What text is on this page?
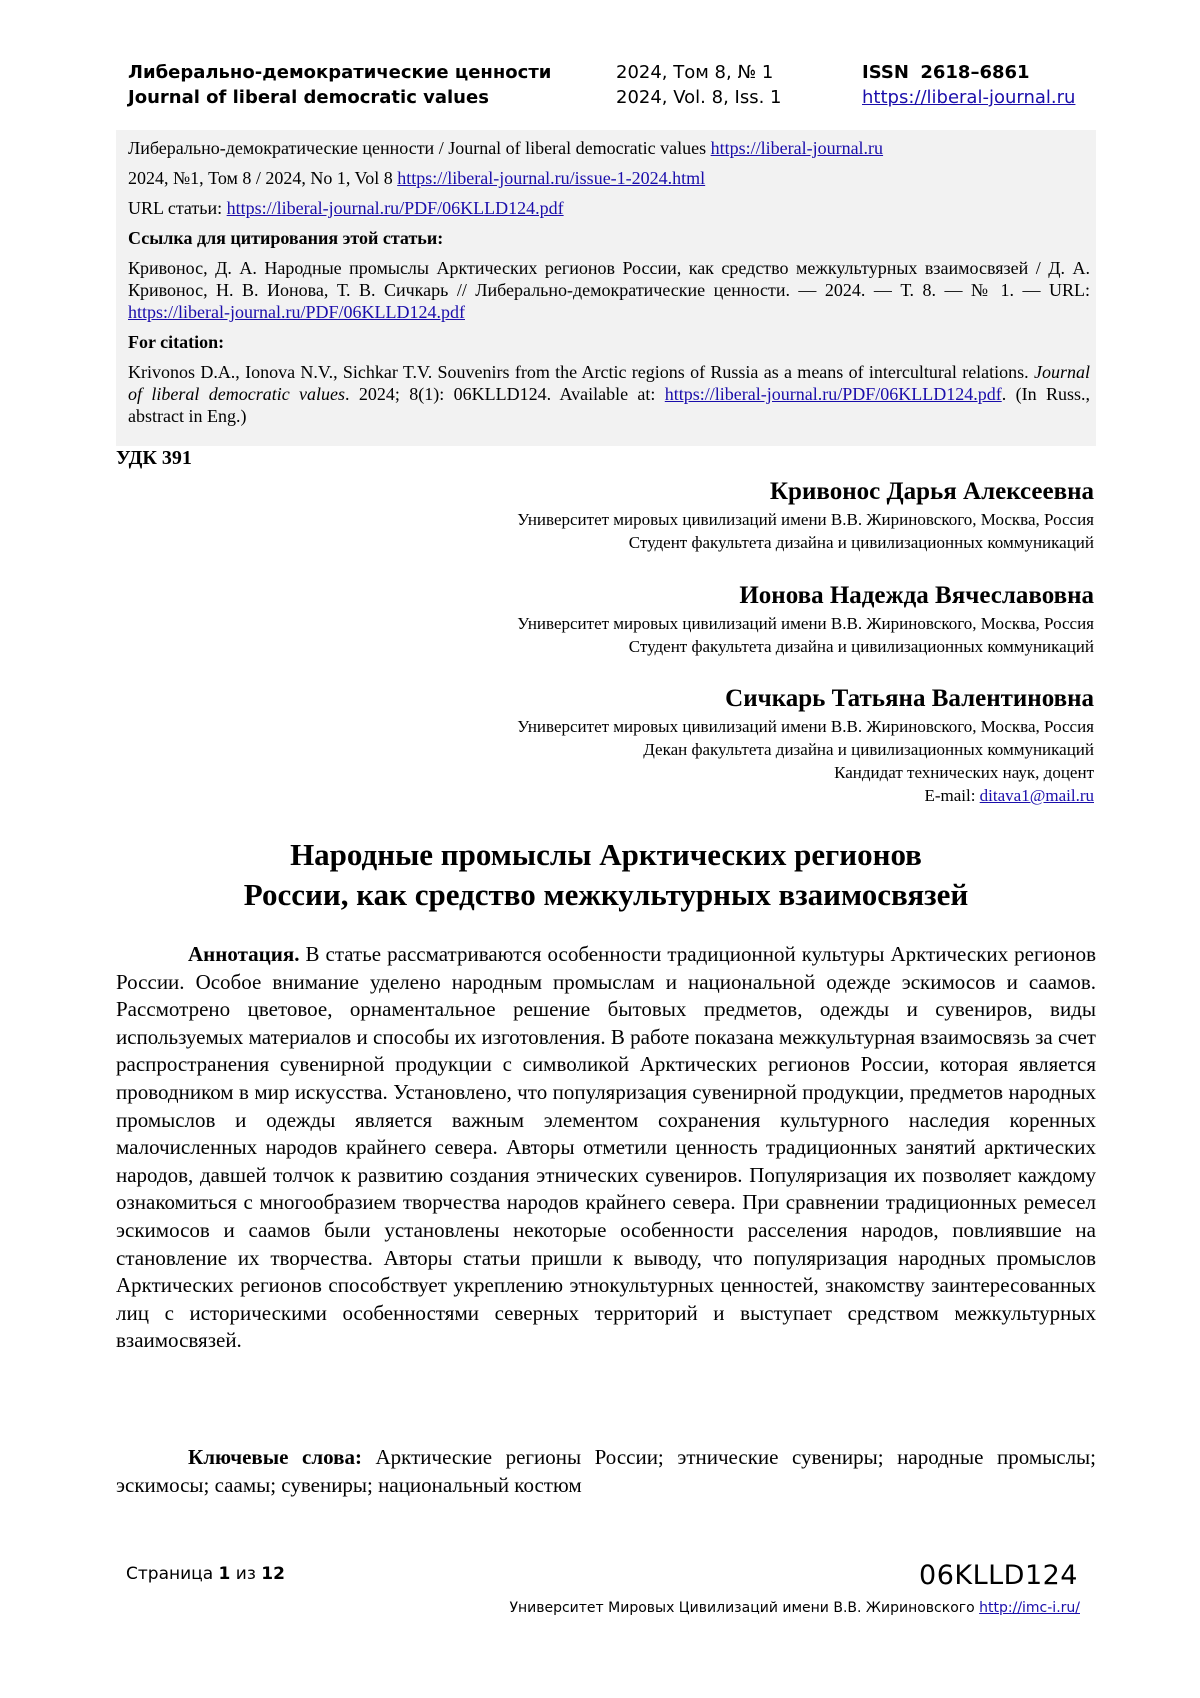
Либерально-демократические ценности
Journal of liberal democratic values
2024, Том 8, № 1
2024, Vol. 8, Iss. 1
ISSN 2618–6861
https://liberal-journal.ru
Либерально-демократические ценности / Journal of liberal democratic values https://liberal-journal.ru
2024, №1, Том 8 / 2024, No 1, Vol 8 https://liberal-journal.ru/issue-1-2024.html
URL статьи: https://liberal-journal.ru/PDF/06KLLD124.pdf
Ссылка для цитирования этой статьи:
Кривонос, Д. А. Народные промыслы Арктических регионов России, как средство межкультурных взаимосвязей / Д. А. Кривонос, Н. В. Ионова, Т. В. Сичкарь // Либерально-демократические ценности. — 2024. — Т. 8. — № 1. — URL: https://liberal-journal.ru/PDF/06KLLD124.pdf
For citation:
Krivonos D.A., Ionova N.V., Sichkar T.V. Souvenirs from the Arctic regions of Russia as a means of intercultural relations. Journal of liberal democratic values. 2024; 8(1): 06KLLD124. Available at: https://liberal-journal.ru/PDF/06KLLD124.pdf. (In Russ., abstract in Eng.)
УДК 391
Кривонос Дарья Алексеевна
Университет мировых цивилизаций имени В.В. Жириновского, Москва, Россия
Студент факультета дизайна и цивилизационных коммуникаций
Ионова Надежда Вячеславовна
Университет мировых цивилизаций имени В.В. Жириновского, Москва, Россия
Студент факультета дизайна и цивилизационных коммуникаций
Сичкарь Татьяна Валентиновна
Университет мировых цивилизаций имени В.В. Жириновского, Москва, Россия
Декан факультета дизайна и цивилизационных коммуникаций
Кандидат технических наук, доцент
E-mail: ditava1@mail.ru
Народные промыслы Арктических регионов
России, как средство межкультурных взаимосвязей
Аннотация. В статье рассматриваются особенности традиционной культуры Арктических регионов России. Особое внимание уделено народным промыслам и национальной одежде эскимосов и саамов. Рассмотрено цветовое, орнаментальное решение бытовых предметов, одежды и сувениров, виды используемых материалов и способы их изготовления. В работе показана межкультурная взаимосвязь за счет распространения сувенирной продукции с символикой Арктических регионов России, которая является проводником в мир искусства. Установлено, что популяризация сувенирной продукции, предметов народных промыслов и одежды является важным элементом сохранения культурного наследия коренных малочисленных народов крайнего севера. Авторы отметили ценность традиционных занятий арктических народов, давшей толчок к развитию создания этнических сувениров. Популяризация их позволяет каждому ознакомиться с многообразием творчества народов крайнего севера. При сравнении традиционных ремесел эскимосов и саамов были установлены некоторые особенности расселения народов, повлиявшие на становление их творчества. Авторы статьи пришли к выводу, что популяризация народных промыслов Арктических регионов способствует укреплению этнокультурных ценностей, знакомству заинтересованных лиц с историческими особенностями северных территорий и выступает средством межкультурных взаимосвязей.
Ключевые слова: Арктические регионы России; этнические сувениры; народные промыслы; эскимосы; саамы; сувениры; национальный костюм
Страница 1 из 12	06KLLD124
Университет Мировых Цивилизаций имени В.В. Жириновского http://imc-i.ru/
